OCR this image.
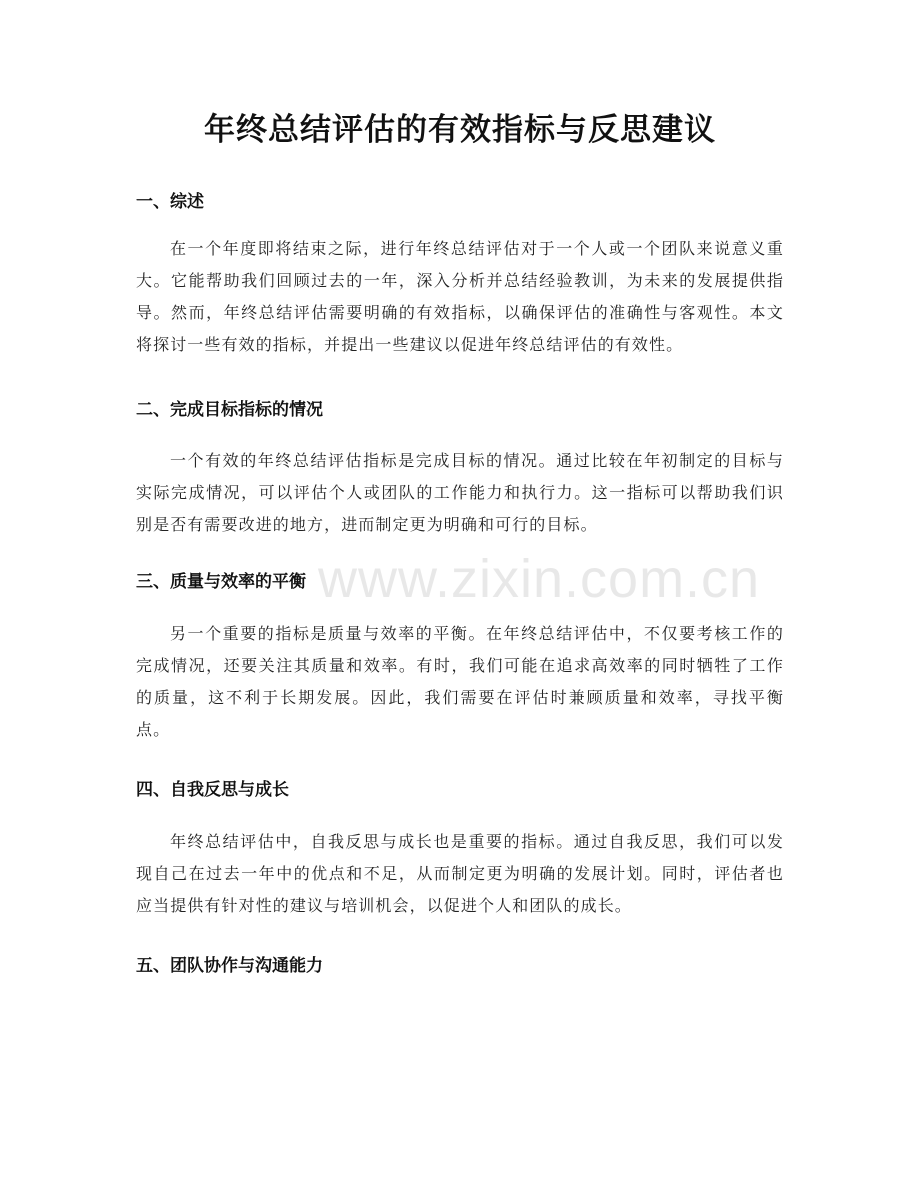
年终总结评估的有效指标与反思建议
一、综述

在一个年度即将结束之际，进行年终总结评估对于一个人或一个团队来说意义重大。它能帮助我们回顾过去的一年，深入分析并总结经验教训，为未来的发展提供指导。然而，年终总结评估需要明确的有效指标，以确保评估的准确性与客观性。本文将探讨一些有效的指标，并提出一些建议以促进年终总结评估的有效性。

二、完成目标指标的情况

一个有效的年终总结评估指标是完成目标的情况。通过比较在年初制定的目标与实际完成情况，可以评估个人或团队的工作能力和执行力。这一指标可以帮助我们识别是否有需要改进的地方，进而制定更为明确和可行的目标。

三、质量与效率的平衡

另一个重要的指标是质量与效率的平衡。在年终总结评估中，不仅要考核工作的完成情况，还要关注其质量和效率。有时，我们可能在追求高效率的同时牺牲了工作的质量，这不利于长期发展。因此，我们需要在评估时兼顾质量和效率，寻找平衡点。

四、自我反思与成长

年终总结评估中，自我反思与成长也是重要的指标。通过自我反思，我们可以发现自己在过去一年中的优点和不足，从而制定更为明确的发展计划。同时，评估者也应当提供有针对性的建议与培训机会，以促进个人和团队的成长。

五、团队协作与沟通能力
www.zixin.com.cn
